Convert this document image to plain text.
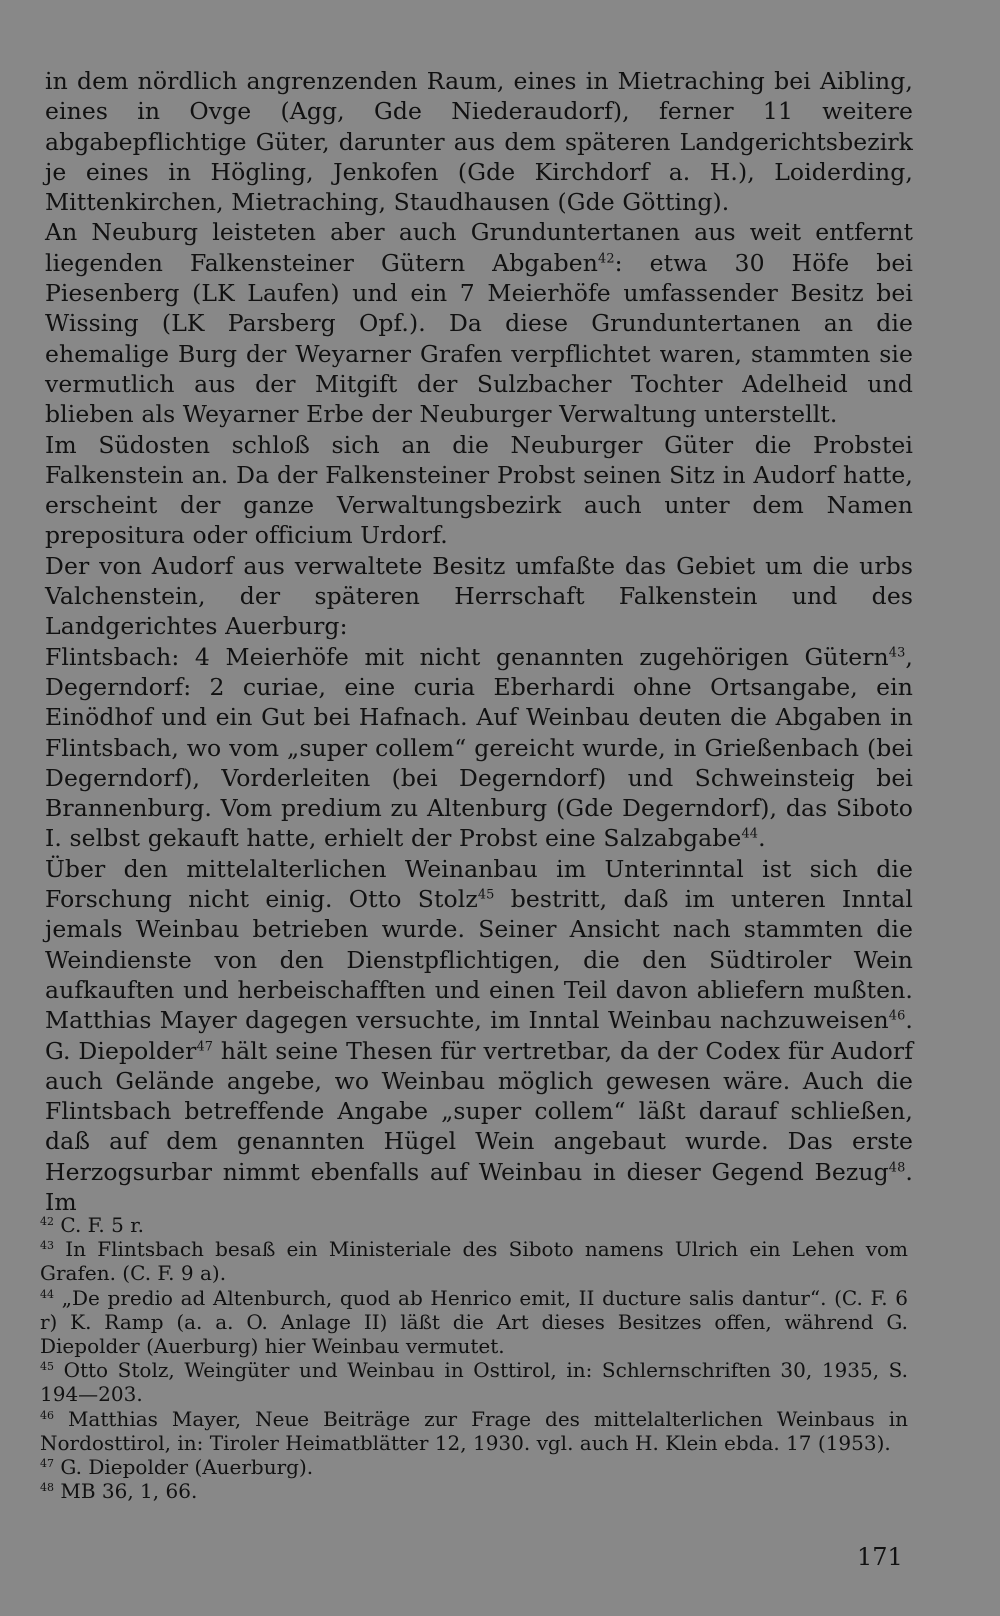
in dem nördlich angrenzenden Raum, eines in Mietraching bei Aibling, eines in Ovge (Agg, Gde Niederaudorf), ferner 11 weitere abgabepflichtige Güter, darunter aus dem späteren Landgerichtsbezirk je eines in Högling, Jenkofen (Gde Kirchdorf a. H.), Loiderding, Mittenkirchen, Mietraching, Staudhausen (Gde Götting).

An Neuburg leisteten aber auch Grunduntertanen aus weit entfernt liegenden Falkensteiner Gütern Abgaben$^{42}$: etwa 30 Höfe bei Piesenberg (LK Laufen) und ein 7 Meierhöfe umfassender Besitz bei Wissing (LK Parsberg Opf.). Da diese Grunduntertanen an die ehemalige Burg der Weyarner Grafen verpflichtet waren, stammten sie vermutlich aus der Mitgift der Sulzbacher Tochter Adelheid und blieben als Weyarner Erbe der Neuburger Verwaltung unterstellt.

Im Südosten schloß sich an die Neuburger Güter die Probstei Falkenstein an. Da der Falkensteiner Probst seinen Sitz in Audorf hatte, erscheint der ganze Verwaltungsbezirk auch unter dem Namen prepositura oder officium Urdorf.

Der von Audorf aus verwaltete Besitz umfaßte das Gebiet um die urbs Valchenstein, der späteren Herrschaft Falkenstein und des Landgerichtes Auerburg:

Flintsbach: 4 Meierhöfe mit nicht genannten zugehörigen Gütern$^{43}$, Degerndorf: 2 curiae, eine curia Eberhardi ohne Ortsangabe, ein Einödhof und ein Gut bei Hafnach. Auf Weinbau deuten die Abgaben in Flintsbach, wo vom „super collem“ gereicht wurde, in Grießenbach (bei Degerndorf), Vorderleiten (bei Degerndorf) und Schweinsteig bei Brannenburg. Vom predium zu Altenburg (Gde Degerndorf), das Siboto I. selbst gekauft hatte, erhielt der Probst eine Salzabgabe$^{44}$.

Über den mittelalterlichen Weinanbau im Unterinntal ist sich die Forschung nicht einig. Otto Stolz$^{45}$ bestritt, daß im unteren Inntal jemals Weinbau betrieben wurde. Seiner Ansicht nach stammten die Weindienste von den Dienstpflichtigen, die den Südtiroler Wein aufkauften und herbeischafften und einen Teil davon abliefern mußten. Matthias Mayer dagegen versuchte, im Inntal Weinbau nachzuweisen$^{46}$. G. Diepolder$^{47}$ hält seine Thesen für vertretbar, da der Codex für Audorf auch Gelände angebe, wo Weinbau möglich gewesen wäre. Auch die Flintsbach betreffende Angabe „super collem“ läßt darauf schließen, daß auf dem genannten Hügel Wein angebaut wurde. Das erste Herzogsurbar nimmt ebenfalls auf Weinbau in dieser Gegend Bezug$^{48}$. Im

$^{42}$ C. F. 5 r.

$^{43}$ In Flintsbach besaß ein Ministeriale des Siboto namens Ulrich ein Lehen vom Grafen. (C. F. 9 a).

$^{44}$ „De predio ad Altenburch, quod ab Henrico emit, II ducture salis dantur“. (C. F. 6 r) K. Ramp (a. a. O. Anlage II) läßt die Art dieses Besitzes offen, während G. Diepolder (Auerburg) hier Weinbau vermutet.

$^{45}$ Otto Stolz, Weingüter und Weinbau in Osttirol, in: Schlernschriften 30, 1935, S. 194—203.

$^{46}$ Matthias Mayer, Neue Beiträge zur Frage des mittelalterlichen Weinbaus in Nordosttirol, in: Tiroler Heimatblätter 12, 1930. vgl. auch H. Klein ebda. 17 (1953).

$^{47}$ G. Diepolder (Auerburg).

$^{48}$ MB 36, 1, 66.

171
